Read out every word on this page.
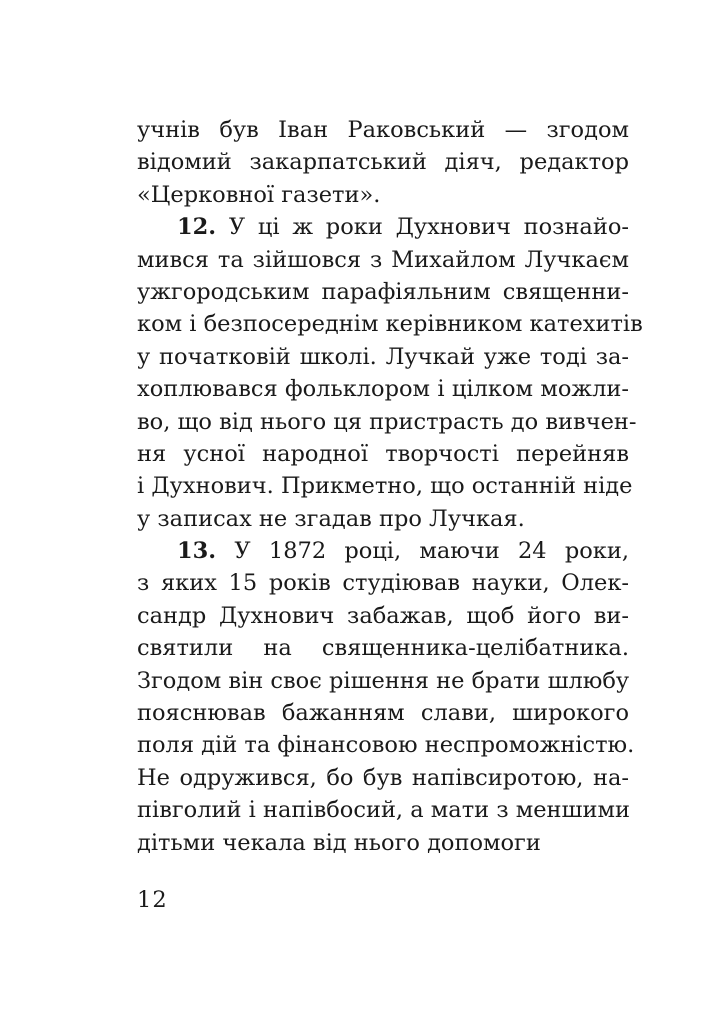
учнів був Іван Раковський — згодом
відомий закарпатський діяч, редактор
«Церковної газети».
12. У ці ж роки Духнович познайо-
мився та зійшовся з Михайлом Лучкаєм
ужгородським парафіяльним священни-
ком і безпосереднім керівником катехитів
у початковій школі. Лучкай уже тоді за-
хоплювався фольклором і цілком можли-
во, що від нього ця пристрасть до вивчен-
ня усної народної творчості перейняв
і Духнович. Прикметно, що останній ніде
у записах не згадав про Лучкая.
13. У 1872 році, маючи 24 роки,
з яких 15 років студіював науки, Олек-
сандр Духнович забажав, щоб його ви-
святили на священника-целібатника.
Згодом він своє рішення не брати шлюбу
пояснював бажанням слави, широкого
поля дій та фінансовою неспроможністю.
Не одружився, бо був напівсиротою, на-
півголий і напівбосий, а мати з меншими
дітьми чекала від нього допомоги
12
